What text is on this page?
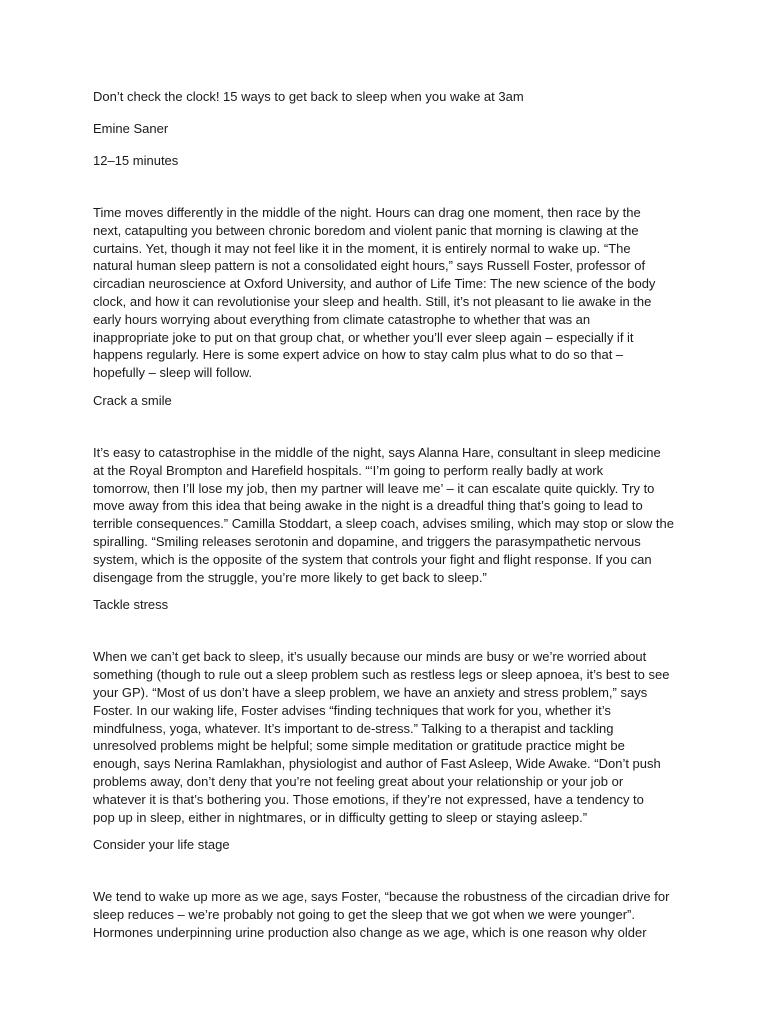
Don’t check the clock! 15 ways to get back to sleep when you wake at 3am

Emine Saner

12–15 minutes

Time moves differently in the middle of the night. Hours can drag one moment, then race by the
next, catapulting you between chronic boredom and violent panic that morning is clawing at the
curtains. Yet, though it may not feel like it in the moment, it is entirely normal to wake up. “The
natural human sleep pattern is not a consolidated eight hours,” says Russell Foster, professor of
circadian neuroscience at Oxford University, and author of Life Time: The new science of the body
clock, and how it can revolutionise your sleep and health. Still, it’s not pleasant to lie awake in the
early hours worrying about everything from climate catastrophe to whether that was an
inappropriate joke to put on that group chat, or whether you’ll ever sleep again – especially if it
happens regularly. Here is some expert advice on how to stay calm plus what to do so that –
hopefully – sleep will follow.

Crack a smile

It’s easy to catastrophise in the middle of the night, says Alanna Hare, consultant in sleep medicine
at the Royal Brompton and Harefield hospitals. “‘I’m going to perform really badly at work
tomorrow, then I’ll lose my job, then my partner will leave me’ – it can escalate quite quickly. Try to
move away from this idea that being awake in the night is a dreadful thing that’s going to lead to
terrible consequences.” Camilla Stoddart, a sleep coach, advises smiling, which may stop or slow the
spiralling. “Smiling releases serotonin and dopamine, and triggers the parasympathetic nervous
system, which is the opposite of the system that controls your fight and flight response. If you can
disengage from the struggle, you’re more likely to get back to sleep.”

Tackle stress

When we can’t get back to sleep, it’s usually because our minds are busy or we’re worried about
something (though to rule out a sleep problem such as restless legs or sleep apnoea, it’s best to see
your GP). “Most of us don’t have a sleep problem, we have an anxiety and stress problem,” says
Foster. In our waking life, Foster advises “finding techniques that work for you, whether it’s
mindfulness, yoga, whatever. It’s important to de-stress.” Talking to a therapist and tackling
unresolved problems might be helpful; some simple meditation or gratitude practice might be
enough, says Nerina Ramlakhan, physiologist and author of Fast Asleep, Wide Awake. “Don’t push
problems away, don’t deny that you’re not feeling great about your relationship or your job or
whatever it is that’s bothering you. Those emotions, if they’re not expressed, have a tendency to
pop up in sleep, either in nightmares, or in difficulty getting to sleep or staying asleep.”

Consider your life stage

We tend to wake up more as we age, says Foster, “because the robustness of the circadian drive for
sleep reduces – we’re probably not going to get the sleep that we got when we were younger”.
Hormones underpinning urine production also change as we age, which is one reason why older
